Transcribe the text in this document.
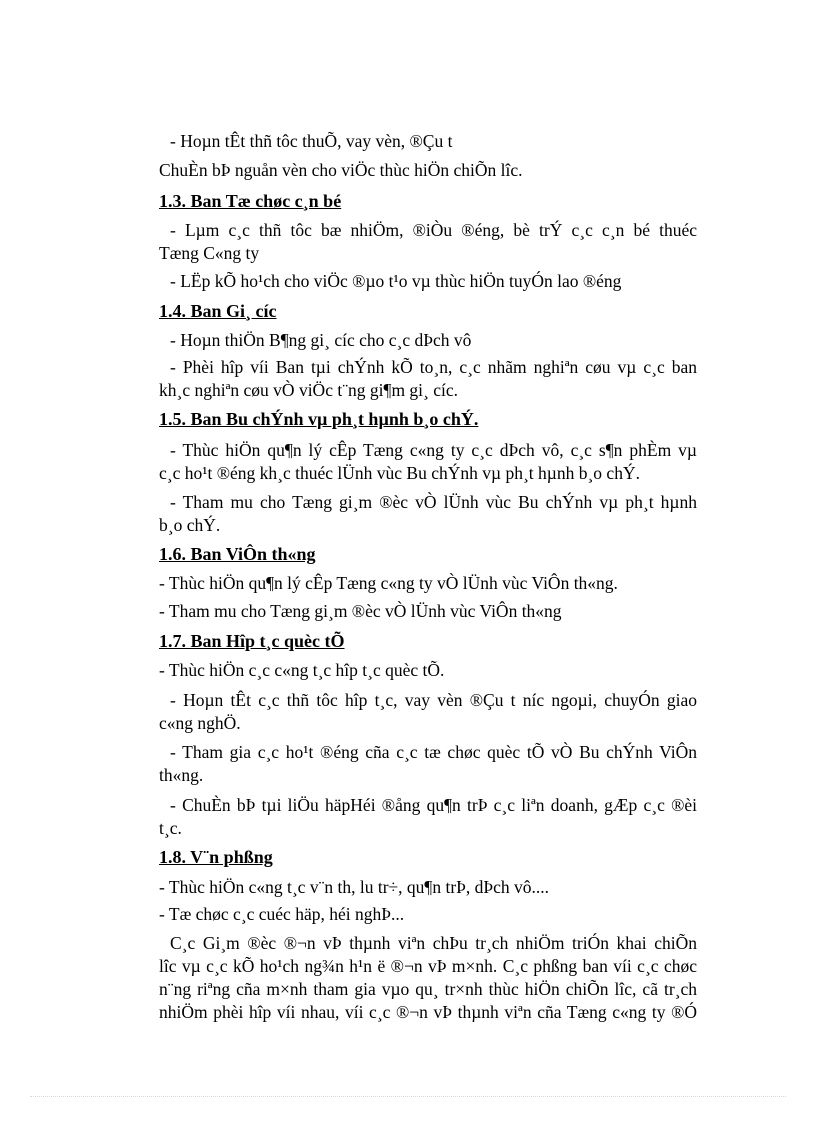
- Hoµn tÊt thñ tôc thuÕ, vay vèn, ®Çu t
ChuÈn bÞ nguån vèn cho viÖc thùc hiÖn chiÕn lîc.
1.3. Ban Tæ chøc c¸n bé
- Lµm c¸c thñ tôc bæ nhiÖm, ®iÒu ®éng, bè trÝ c¸c c¸n bé thuéc
Tæng C«ng ty
- LËp kÕ ho¹ch cho viÖc ®µo t¹o vµ thùc hiÖn tuyÓn lao ®éng
1.4. Ban Gi¸ cíc
- Hoµn thiÖn B¶ng gi¸ cíc cho c¸c dÞch vô
- Phèi hîp víi Ban tµi chÝnh kÕ to¸n, c¸c nhãm nghiªn cøu vµ c¸c ban
kh¸c nghiªn cøu vÒ viÖc t¨ng gi¶m gi¸ cíc.
1.5. Ban Bu chÝnh vµ ph¸t hµnh b¸o chÝ.
- Thùc hiÖn qu¶n lý cÊp Tæng c«ng ty c¸c dÞch vô, c¸c s¶n phÈm vµ
c¸c ho¹t ®éng kh¸c thuéc lÜnh vùc Bu chÝnh vµ ph¸t hµnh b¸o chÝ.
- Tham mu cho Tæng gi¸m ®èc vÒ lÜnh vùc Bu chÝnh vµ ph¸t hµnh
b¸o chÝ.
1.6. Ban ViÔn th«ng
- Thùc hiÖn qu¶n lý cÊp Tæng c«ng ty vÒ lÜnh vùc ViÔn th«ng.
- Tham mu cho Tæng gi¸m ®èc vÒ lÜnh vùc ViÔn th«ng
1.7. Ban Hîp t¸c quèc tÕ
- Thùc hiÖn c¸c c«ng t¸c hîp t¸c quèc tÕ.
- Hoµn tÊt c¸c thñ tôc hîp t¸c, vay vèn ®Çu t níc ngoµi, chuyÓn giao
c«ng nghÖ.
- Tham gia c¸c ho¹t ®éng cña c¸c tæ chøc quèc tÕ vÒ Bu chÝnh ViÔn
th«ng.
- ChuÈn bÞ tµi liÖu häpHéi ®ång qu¶n trÞ c¸c liªn doanh, gÆp c¸c ®èi
t¸c.
1.8. V¨n phßng
- Thùc hiÖn c«ng t¸c v¨n th, lu tr÷, qu¶n trÞ, dÞch vô....
- Tæ chøc c¸c cuéc häp, héi nghÞ...
C¸c Gi¸m ®èc ®¬n vÞ thµnh viªn chÞu tr¸ch nhiÖm triÓn khai chiÕn
lîc vµ c¸c kÕ ho¹ch ng¾n h¹n ë ®¬n vÞ m×nh. C¸c phßng ban víi c¸c chøc
n¨ng riªng cña m×nh tham gia vµo qu¸ tr×nh thùc hiÖn chiÕn lîc, cã tr¸ch
nhiÖm phèi hîp víi nhau, víi c¸c ®¬n vÞ thµnh viªn cña Tæng c«ng ty ®Ó
